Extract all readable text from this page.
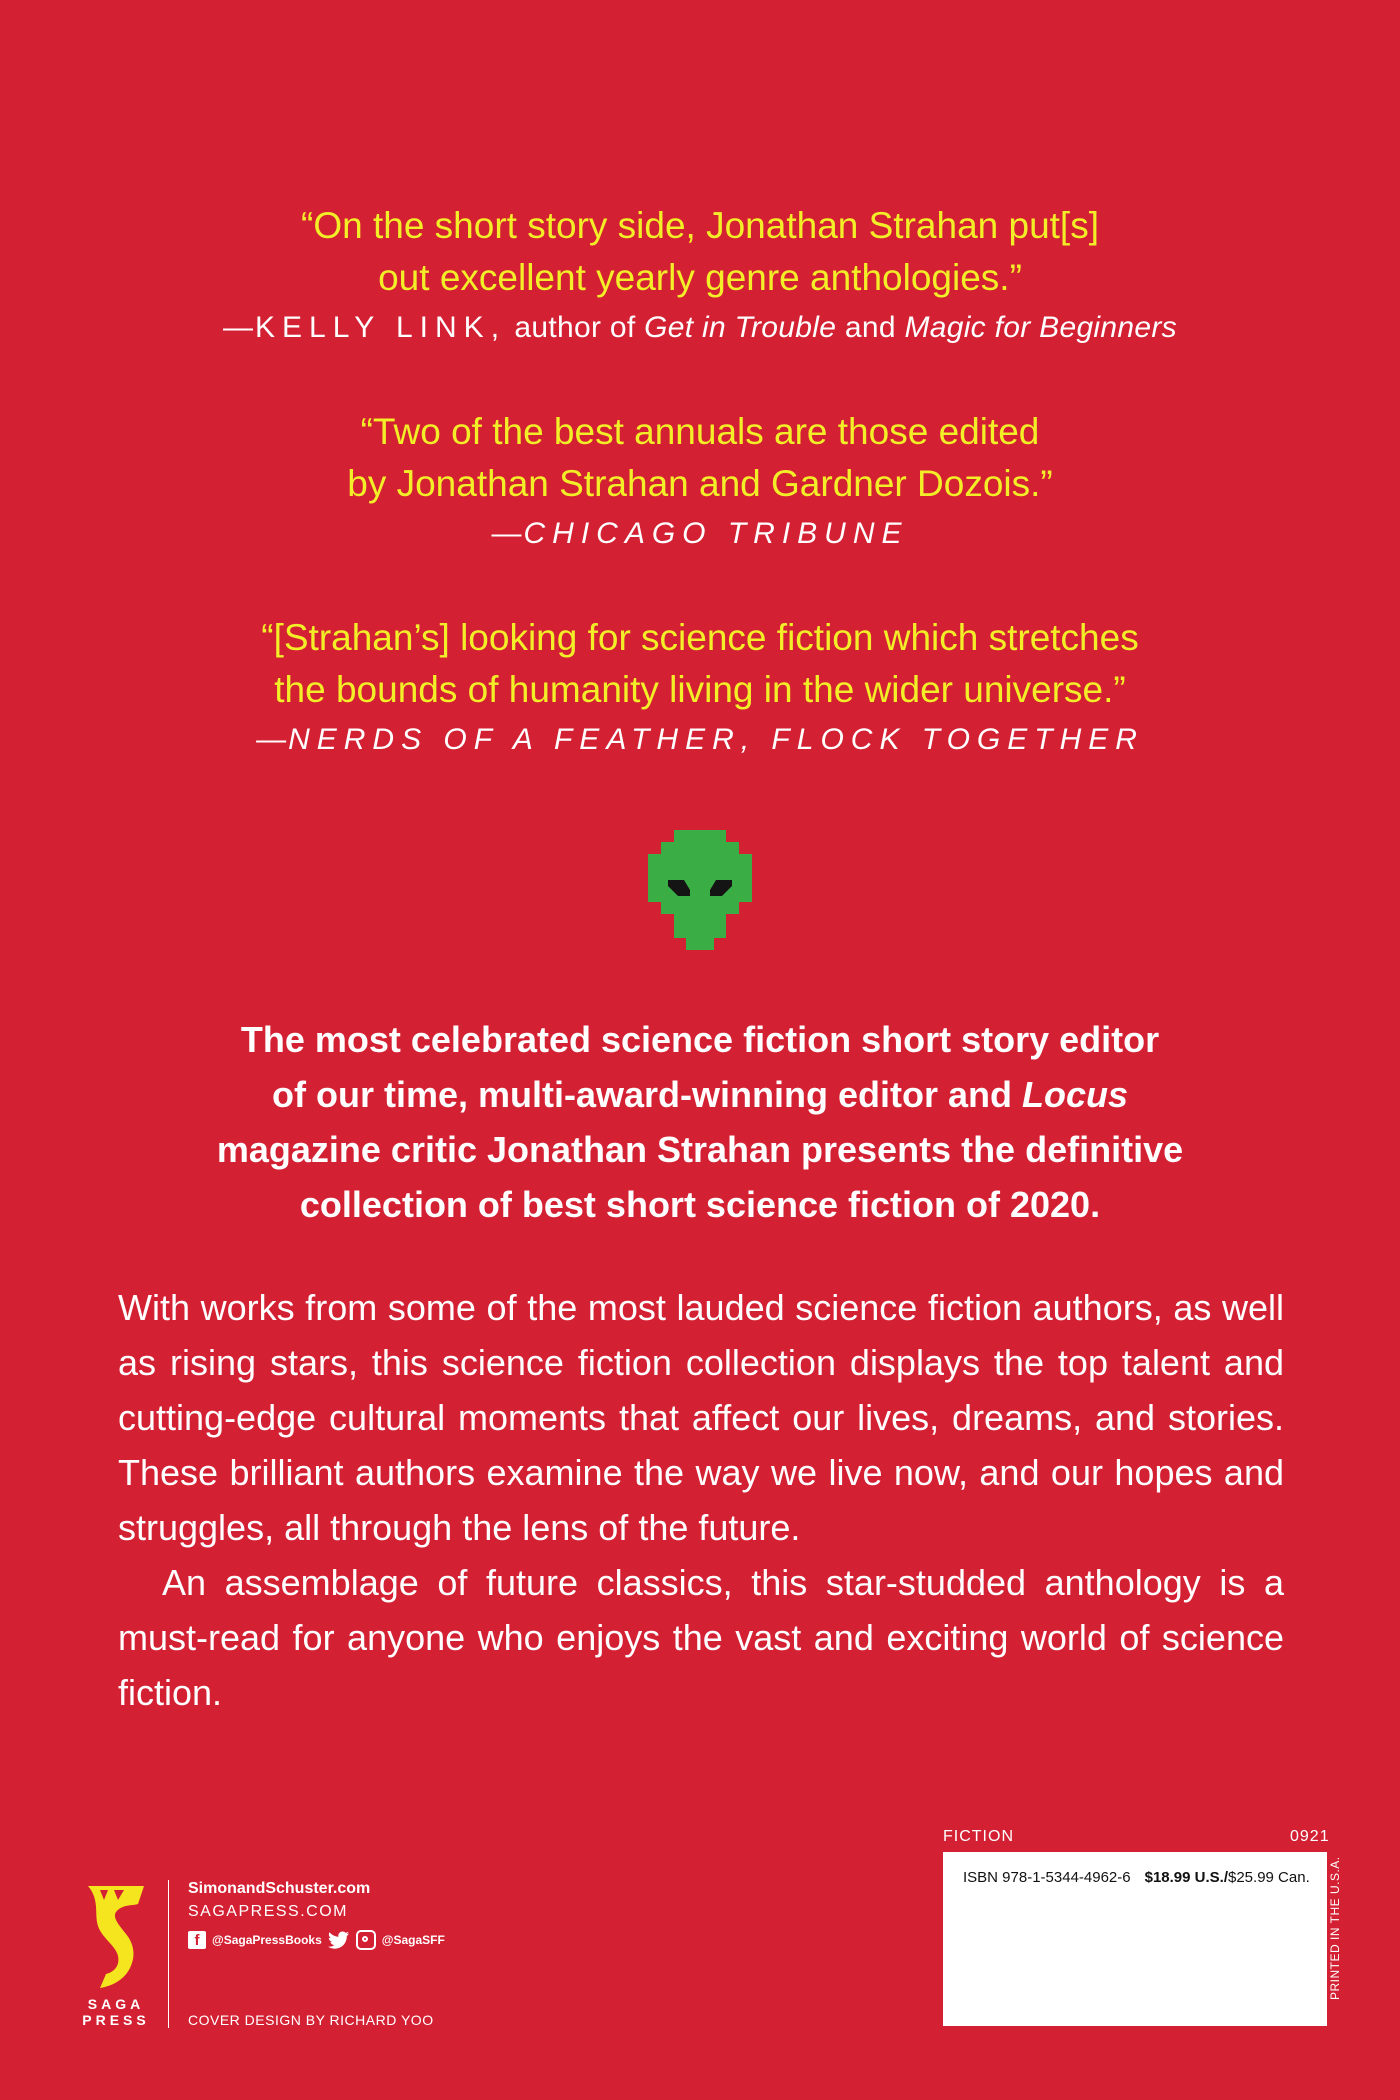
“On the short story side, Jonathan Strahan put[s]
out excellent yearly genre anthologies.”
—KELLY LINK, author of Get in Trouble and Magic for Beginners
“Two of the best annuals are those edited
by Jonathan Strahan and Gardner Dozois.”
—CHICAGO TRIBUNE
“[Strahan’s] looking for science fiction which stretches
the bounds of humanity living in the wider universe.”
—NERDS OF A FEATHER, FLOCK TOGETHER
The most celebrated science fiction short story editor
of our time, multi-award-winning editor and Locus
magazine critic Jonathan Strahan presents the definitive
collection of best short science fiction of 2020.

With works from some of the most lauded science fiction authors, as well as rising stars, this science fiction collection displays the top talent and cutting-edge cultural moments that affect our lives, dreams, and stories. These brilliant authors examine the way we live now, and our hopes and struggles, all through the lens of the future.

An assemblage of future classics, this star-studded anthology is a must-read for anyone who enjoys the vast and exciting world of science fiction.

SAGA PRESS
SimonandSchuster.com
SAGAPRESS.COM
f	@SagaPressBooks	@SagaSFF
COVER DESIGN BY RICHARD YOO
FICTION	0921
ISBN 978-1-5344-4962-6 $18.99 U.S./$25.99 Can. PRINTED IN THE U.S.A.
